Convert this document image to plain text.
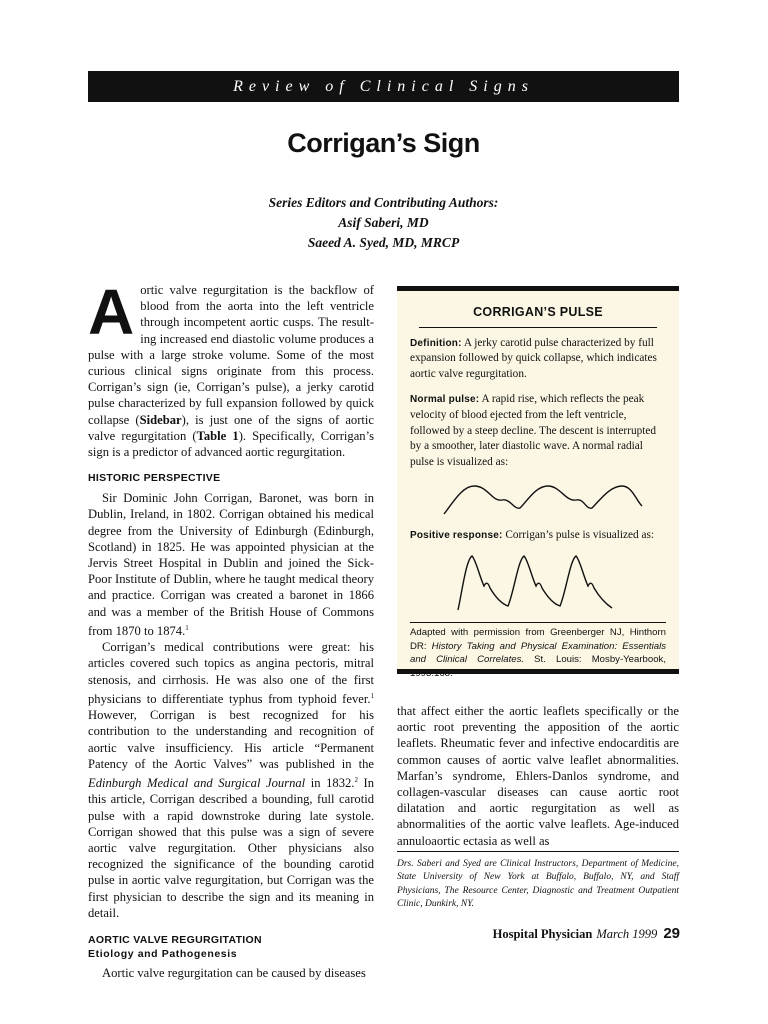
Review of Clinical Signs
Corrigan’s Sign
Series Editors and Contributing Authors:
Asif Saberi, MD
Saeed A. Syed, MD, MRCP

Aortic valve regurgitation is the backflow of blood from the aorta into the left ventricle through incompetent aortic cusps. The result- ing increased end diastolic volume produces a pulse with a large stroke volume. Some of the most curious clinical signs originate from this process. Corrigan’s sign (ie, Corrigan’s pulse), a jerky carotid pulse characterized by full expansion followed by quick collapse (Sidebar), is just one of the signs of aortic valve regurgitation (Table 1). Specifically, Corrigan’s sign is a predictor of advanced aortic regurgitation.

HISTORIC PERSPECTIVE

Sir Dominic John Corrigan, Baronet, was born in Dublin, Ireland, in 1802. Corrigan obtained his medical degree from the University of Edinburgh (Edinburgh, Scotland) in 1825. He was appointed physician at the Jervis Street Hospital in Dublin and joined the Sick-Poor Institute of Dublin, where he taught medical theory and practice. Corrigan was created a baronet in 1866 and was a member of the British House of Commons from 1870 to 1874.$^1$

Corrigan’s medical contributions were great: his articles covered such topics as angina pectoris, mitral stenosis, and cirrhosis. He was also one of the first physicians to differentiate typhus from typhoid fever.$^1$ However, Corrigan is best recognized for his contribution to the understanding and recognition of aortic valve insufficiency. His article “Permanent Patency of the Aortic Valves” was published in the Edinburgh Medical and Surgical Journal in 1832.$^2$ In this article, Corrigan described a bounding, full carotid pulse with a rapid downstroke during late systole. Corrigan showed that this pulse was a sign of severe aortic valve regurgitation. Other physicians also recognized the significance of the bounding carotid pulse in aortic valve regurgitation, but Corrigan was the first physician to describe the sign and its meaning in detail.

AORTIC VALVE REGURGITATION

Etiology and Pathogenesis

Aortic valve regurgitation can be caused by diseases

CORRIGAN’S PULSE

Definition: A jerky carotid pulse characterized by full expansion followed by quick collapse, which indicates aortic valve regurgitation.

Normal pulse: A rapid rise, which reflects the peak velocity of blood ejected from the left ventricle, followed by a steep decline. The descent is interrupted by a smoother, later diastolic wave. A normal radial pulse is visualized as:

Positive response: Corrigan’s pulse is visualized as:

Adapted with permission from Greenberger NJ, Hinthorn DR: History Taking and Physical Examination: Essentials and Clinical Correlates. St. Louis: Mosby-Yearbook, 1993:168.

that affect either the aortic leaflets specifically or the aortic root preventing the apposition of the aortic leaflets. Rheumatic fever and infective endocarditis are common causes of aortic valve leaflet abnormalities. Marfan’s syndrome, Ehlers-Danlos syndrome, and collagen-vascular diseases can cause aortic root dilatation and aortic regurgitation as well as abnormalities of the aortic valve leaflets. Age-induced annuloaortic ectasia as well as

Drs. Saberi and Syed are Clinical Instructors, Department of Medicine, State University of New York at Buffalo, Buffalo, NY, and Staff Physicians, The Resource Center, Diagnostic and Treatment Outpatient Clinic, Dunkirk, NY.
Hospital Physician March 1999 29
